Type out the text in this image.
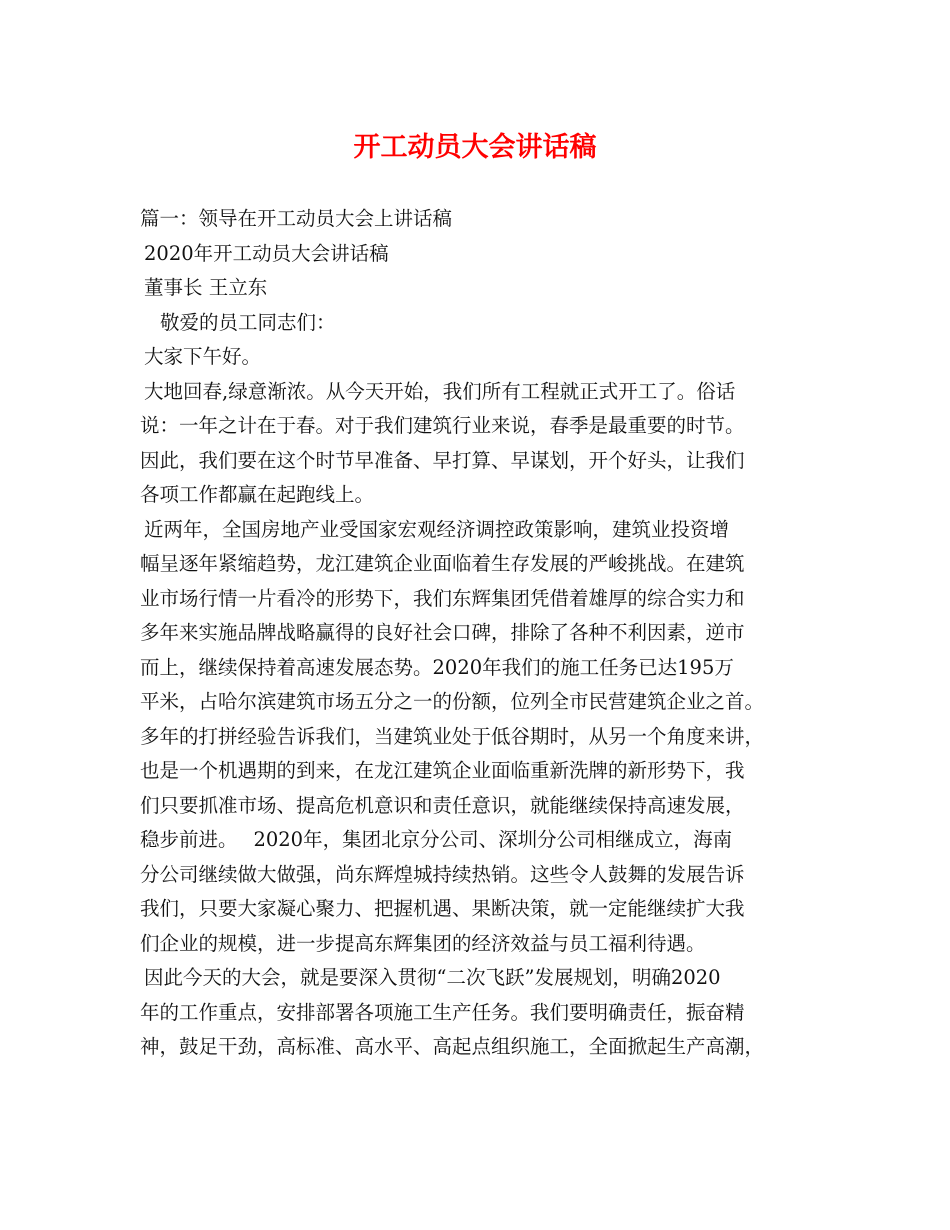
开工动员大会讲话稿
篇一：领导在开工动员大会上讲话稿
2020年开工动员大会讲话稿
董事长 王立东
敬爱的员工同志们：
大家下午好。
大地回春,绿意渐浓。从今天开始，我们所有工程就正式开工了。俗话
说：一年之计在于春。对于我们建筑行业来说，春季是最重要的时节。
因此，我们要在这个时节早准备、早打算、早谋划，开个好头，让我们
各项工作都赢在起跑线上。
近两年，全国房地产业受国家宏观经济调控政策影响，建筑业投资增
幅呈逐年紧缩趋势，龙江建筑企业面临着生存发展的严峻挑战。在建筑
业市场行情一片看冷的形势下，我们东辉集团凭借着雄厚的综合实力和
多年来实施品牌战略赢得的良好社会口碑，排除了各种不利因素，逆市
而上，继续保持着高速发展态势。2020年我们的施工任务已达195万
平米，占哈尔滨建筑市场五分之一的份额，位列全市民营建筑企业之首。
多年的打拼经验告诉我们，当建筑业处于低谷期时，从另一个角度来讲，
也是一个机遇期的到来，在龙江建筑企业面临重新洗牌的新形势下，我
们只要抓准市场、提高危机意识和责任意识，就能继续保持高速发展，
稳步前进。　 2020年，集团北京分公司、深圳分公司相继成立，海南
分公司继续做大做强，尚东辉煌城持续热销。这些令人鼓舞的发展告诉
我们，只要大家凝心聚力、把握机遇、果断决策，就一定能继续扩大我
们企业的规模，进一步提高东辉集团的经济效益与员工福利待遇。
因此今天的大会，就是要深入贯彻“二次飞跃”发展规划，明确2020
年的工作重点，安排部署各项施工生产任务。我们要明确责任，振奋精
神，鼓足干劲，高标准、高水平、高起点组织施工，全面掀起生产高潮，
